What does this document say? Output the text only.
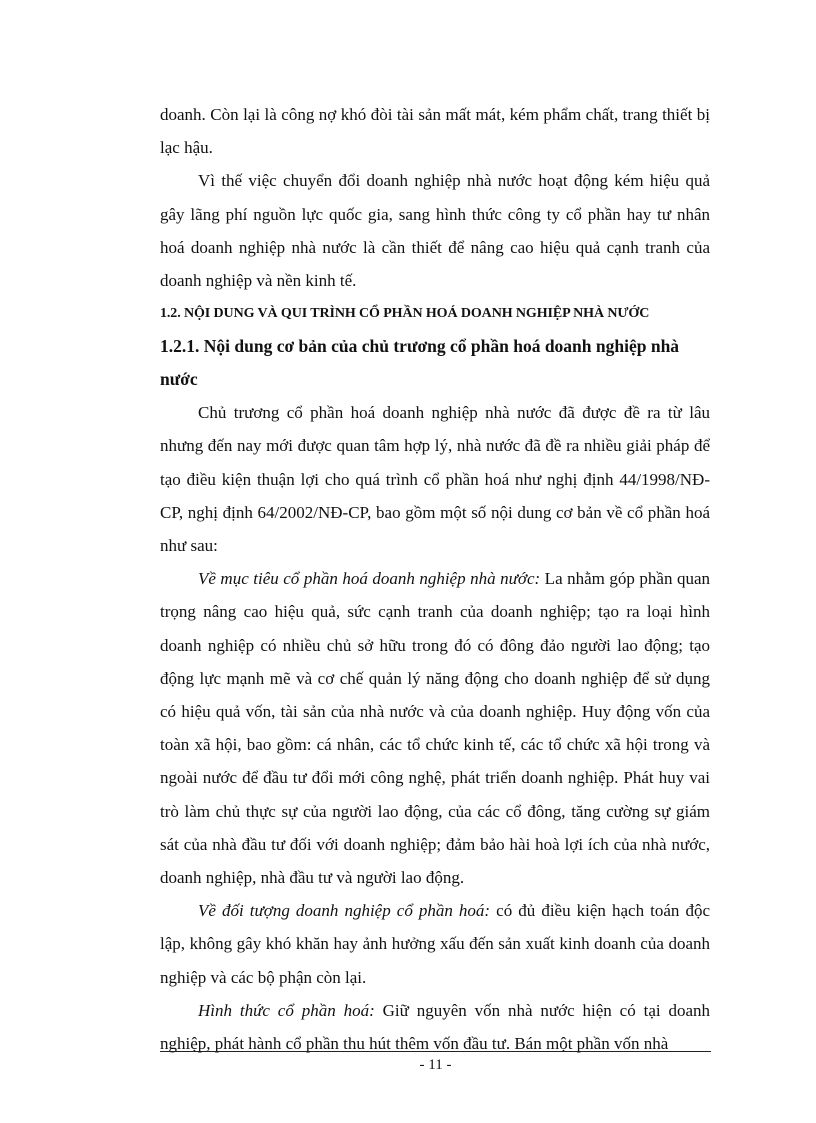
doanh. Còn lại là công nợ khó đòi tài sản mất mát, kém phẩm chất, trang thiết bị lạc hậu.

Vì thế việc chuyển đổi doanh nghiệp nhà nước hoạt động kém hiệu quả gây lãng phí nguồn lực quốc gia, sang hình thức công ty cổ phần hay tư nhân hoá doanh nghiệp nhà nước là cần thiết để nâng cao hiệu quả cạnh tranh của doanh nghiệp và nền kinh tế.

1.2. NỘI DUNG VÀ QUI TRÌNH CỔ PHẦN HOÁ DOANH NGHIỆP NHÀ NƯỚC

1.2.1. Nội dung cơ bản của chủ trương cổ phần hoá doanh nghiệp nhà nước

Chủ trương cổ phần hoá doanh nghiệp nhà nước đã được đề ra từ lâu nhưng đến nay mới được quan tâm hợp lý, nhà nước đã đề ra nhiều giải pháp để tạo điều kiện thuận lợi cho quá trình cổ phần hoá như nghị định 44/1998/NĐ-CP, nghị định 64/2002/NĐ-CP, bao gồm một số nội dung cơ bản về cổ phần hoá như sau:

Về mục tiêu cổ phần hoá doanh nghiệp nhà nước: La nhằm góp phần quan trọng nâng cao hiệu quả, sức cạnh tranh của doanh nghiệp; tạo ra loại hình doanh nghiệp có nhiều chủ sở hữu trong đó có đông đảo người lao động; tạo động lực mạnh mẽ và cơ chế quản lý năng động cho doanh nghiệp để sử dụng có hiệu quả vốn, tài sản của nhà nước và của doanh nghiệp. Huy động vốn của toàn xã hội, bao gồm: cá nhân, các tổ chức kinh tế, các tổ chức xã hội trong và ngoài nước để đầu tư đổi mới công nghệ, phát triển doanh nghiệp. Phát huy vai trò làm chủ thực sự của người lao động, của các cổ đông, tăng cường sự giám sát của nhà đầu tư đối với doanh nghiệp; đảm bảo hài hoà lợi ích của nhà nước, doanh nghiệp, nhà đầu tư và người lao động.

Về đối tượng doanh nghiệp cổ phần hoá: có đủ điều kiện hạch toán độc lập, không gây khó khăn hay ảnh hưởng xấu đến sản xuất kinh doanh của doanh nghiệp và các bộ phận còn lại.

Hình thức cổ phần hoá: Giữ nguyên vốn nhà nước hiện có tại doanh nghiệp, phát hành cổ phần thu hút thêm vốn đầu tư. Bán một phần vốn nhà

- 11 -
